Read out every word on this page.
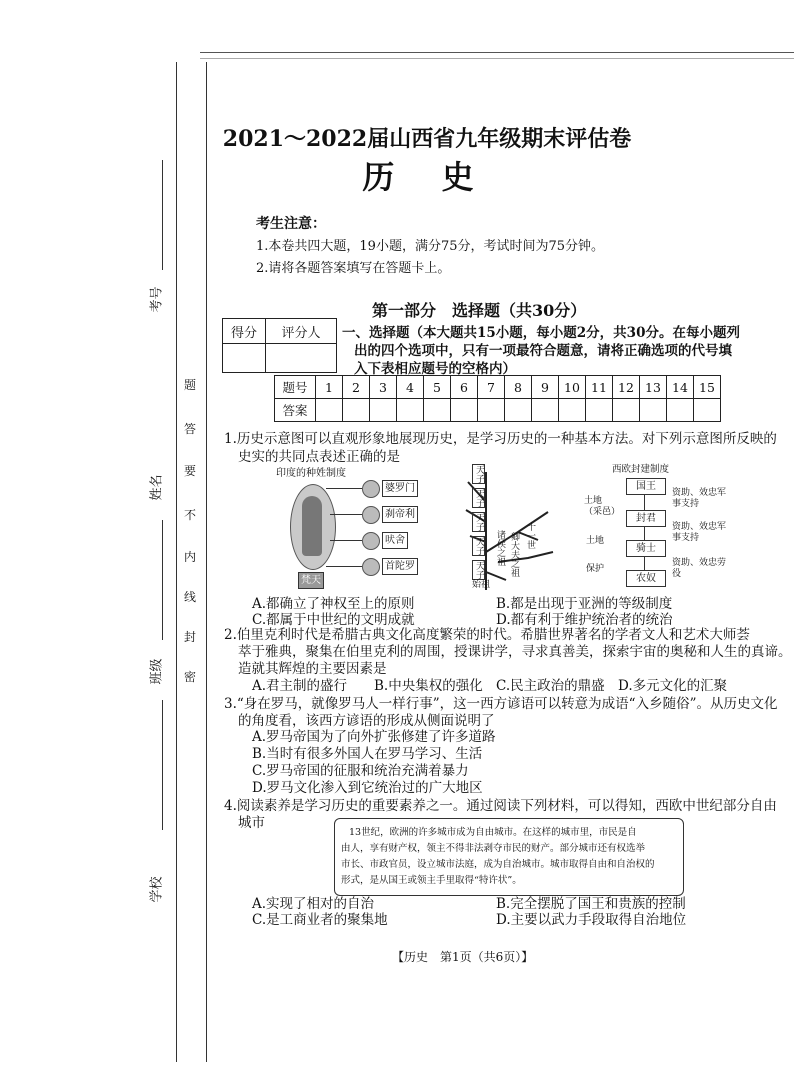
考号
姓名
班级
学校
密
封
线
内
不
要
答
题
2021～2022届山西省九年级期末评估卷
历 史
考生注意：
1.本卷共四大题，19小题，满分75分，考试时间为75分钟。
2.请将各题答案填写在答题卡上。
第一部分　选择题（共30分）
得分	评分人
	一、选择题（本大题共15小题，每小题2分，共30分。在每小题列
出的四个选项中，只有一项最符合题意，请将正确选项的代号填
入下表相应题号的空格内）
题号	1	2	3	4	5	6	7	8	9	10	11	12	13	14	15
答案															
1.历史示意图可以直观形象地展现历史，是学习历史的一种基本方法。对下列示意图所反映的
史实的共同点表述正确的是
印度的种姓制度
婆罗门
刹帝利
吠舍
首陀罗
梵天
天子
天子
天子
天子
天子
诸侯之祖 卿大夫之祖 十一世
始祖
西欧封建制度
国王
封君
骑士
农奴
土地（采邑）
土地
保护
资助、效忠军事支持
资助、效忠军事支持
资助、效忠劳役
A.都确立了神权至上的原则	B.都是出现于亚洲的等级制度
C.都属于中世纪的文明成就	D.都有利于维护统治者的统治
2.伯里克利时代是希腊古典文化高度繁荣的时代。希腊世界著名的学者文人和艺术大师荟
萃于雅典，聚集在伯里克利的周围，授课讲学，寻求真善美，探索宇宙的奥秘和人生的真谛。
造就其辉煌的主要因素是
A.君主制的盛行 B.中央集权的强化 C.民主政治的鼎盛 D.多元文化的汇聚
3.“身在罗马，就像罗马人一样行事”，这一西方谚语可以转意为成语“入乡随俗”。从历史文化
的角度看，该西方谚语的形成从侧面说明了
A.罗马帝国为了向外扩张修建了许多道路
B.当时有很多外国人在罗马学习、生活
C.罗马帝国的征服和统治充满着暴力
D.罗马文化渗入到它统治过的广大地区
4.阅读素养是学习历史的重要素养之一。通过阅读下列材料，可以得知，西欧中世纪部分自由
城市
13世纪，欧洲的许多城市成为自由城市。在这样的城市里，市民是自
由人，享有财产权，领主不得非法剥夺市民的财产。部分城市还有权选举
市长、市政官员，设立城市法庭，成为自治城市。城市取得自由和自治权的
形式，是从国王或领主手里取得“特许状”。
A.实现了相对的自治	B.完全摆脱了国王和贵族的控制
C.是工商业者的聚集地	D.主要以武力手段取得自治地位
【历史　第1页（共6页）】
